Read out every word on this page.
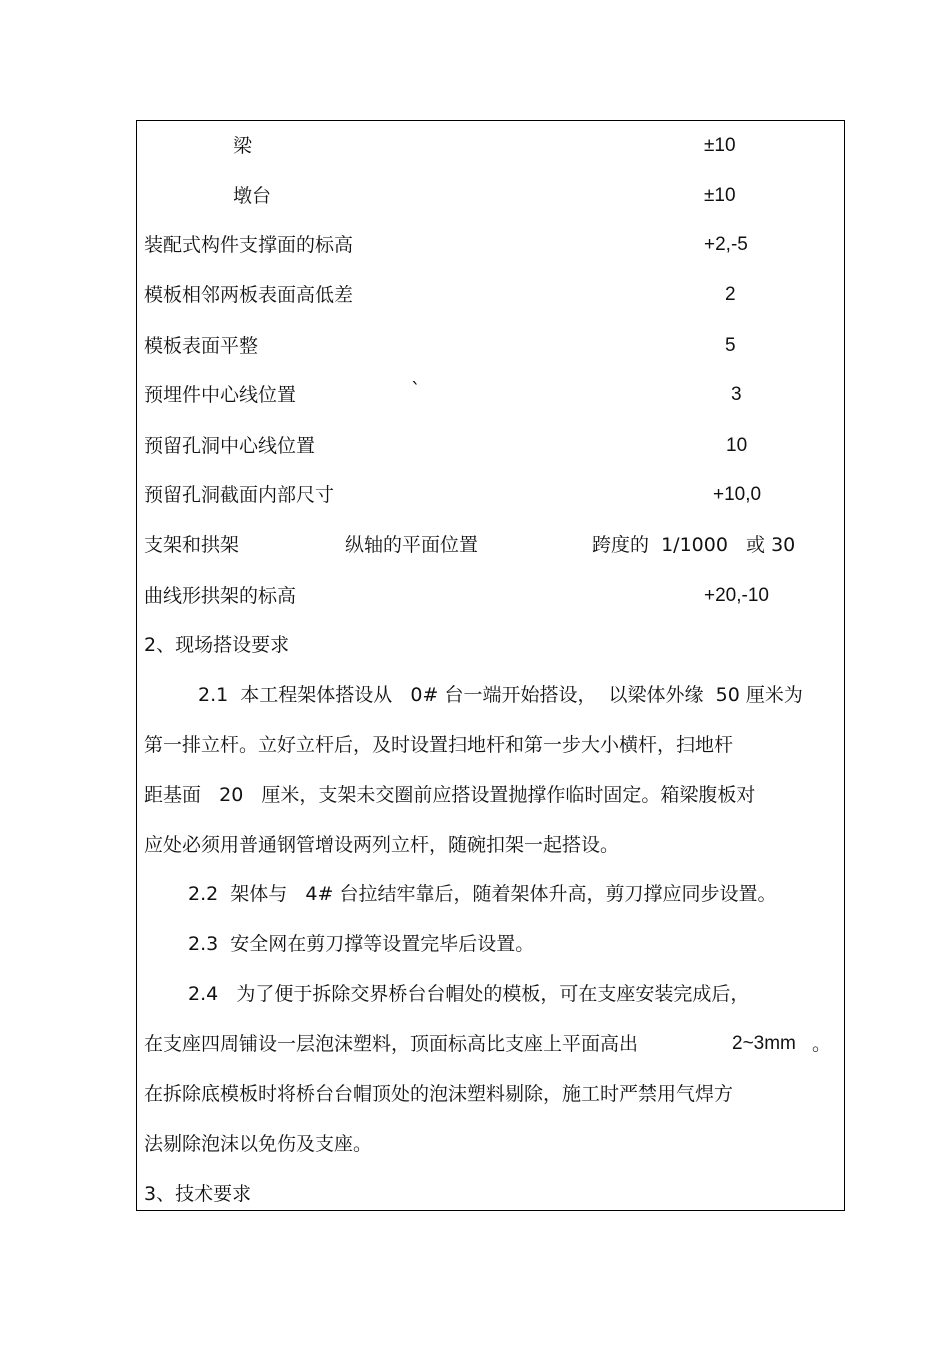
梁	±10
墩台	±10
装配式构件支撑面的标高	+2,-5
模板相邻两板表面高低差	2
模板表面平整	5
预埋件中心线位置	`	3
预留孔洞中心线位置	10
预留孔洞截面内部尺寸	+10,0
支架和拱架	纵轴的平面位置	跨度的  1/1000   或 30
曲线形拱架的标高	+20,-10
2、现场搭设要求
2.1  本工程架体搭设从   0# 台一端开始搭设，  以梁体外缘  50 厘米为
第一排立杆。立好立杆后，及时设置扫地杆和第一步大小横杆，扫地杆
距基面   20   厘米，支架未交圈前应搭设置抛撑作临时固定。箱梁腹板对
应处必须用普通钢管增设两列立杆，随碗扣架一起搭设。
2.2  架体与   4# 台拉结牢靠后，随着架体升高，剪刀撑应同步设置。
2.3  安全网在剪刀撑等设置完毕后设置。
2.4   为了便于拆除交界桥台台帽处的模板，可在支座安装完成后，
在支座四周铺设一层泡沫塑料，顶面标高比支座上平面高出	2~3mm 。
在拆除底模板时将桥台台帽顶处的泡沫塑料剔除，施工时严禁用气焊方
法剔除泡沫以免伤及支座。
3、技术要求
